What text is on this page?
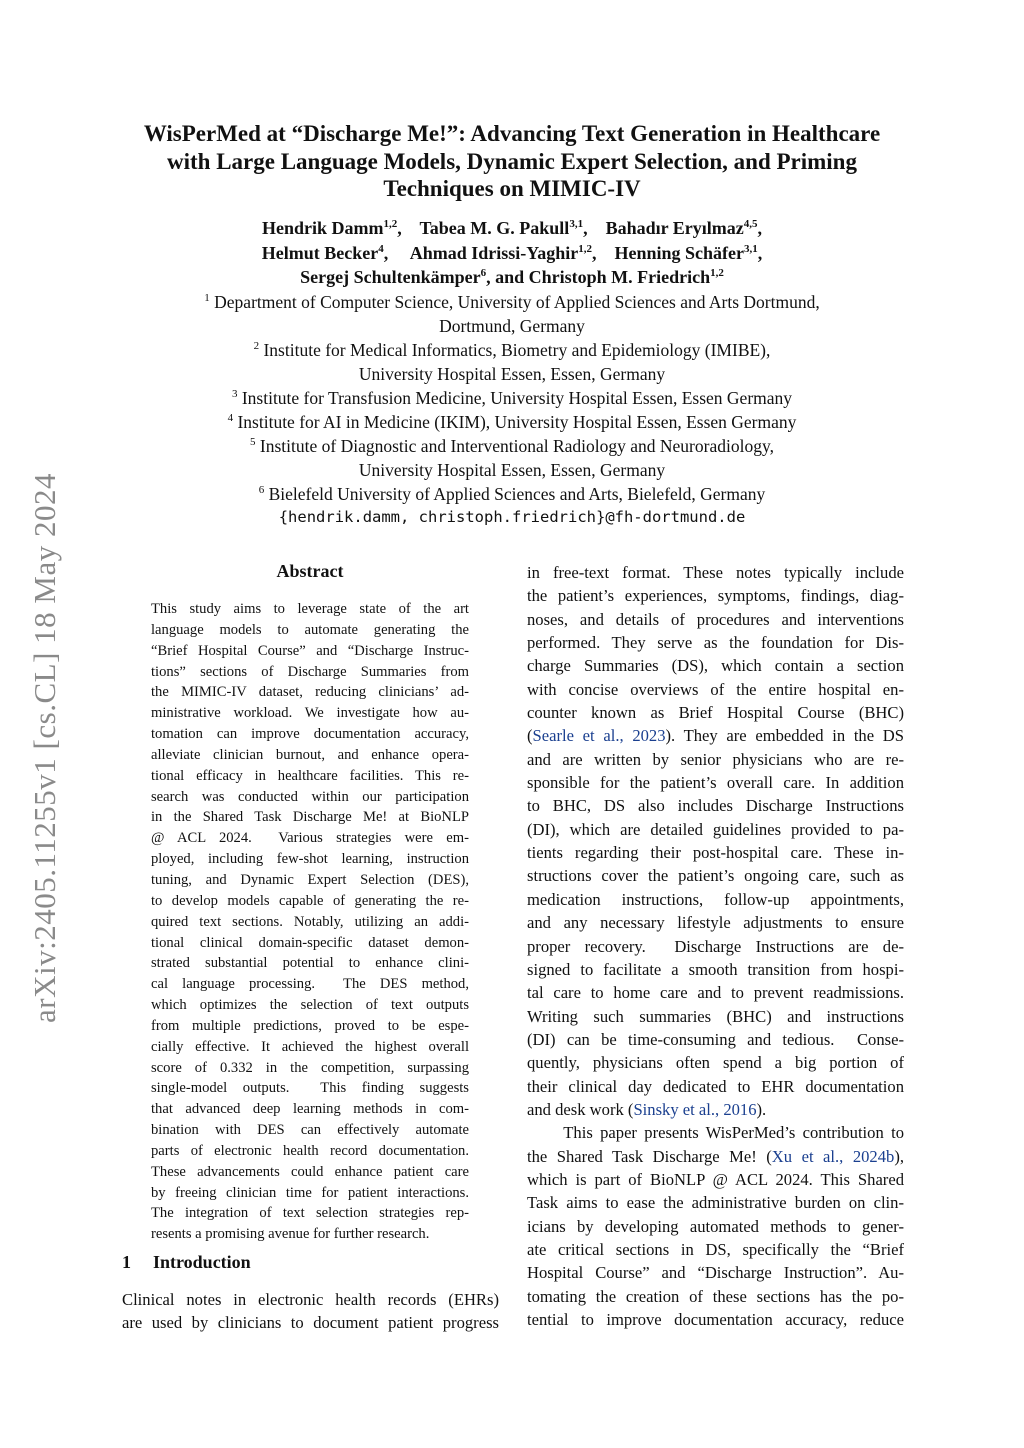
arXiv:2405.11255v1 [cs.CL] 18 May 2024
WisPerMed at “Discharge Me!”: Advancing Text Generation in Healthcare
with Large Language Models, Dynamic Expert Selection, and Priming
Techniques on MIMIC-IV
Hendrik Damm$^{1,2}$,    Tabea M. G. Pakull$^{3,1}$,    Bahadır Eryılmaz$^{4,5}$,
Helmut Becker$^4$,     Ahmad Idrissi-Yaghir$^{1,2}$,    Henning Schäfer$^{3,1}$,
Sergej Schultenkämper$^6$, and Christoph M. Friedrich$^{1,2}$
$^1$ Department of Computer Science, University of Applied Sciences and Arts Dortmund,
Dortmund, Germany
$^2$ Institute for Medical Informatics, Biometry and Epidemiology (IMIBE),
University Hospital Essen, Essen, Germany
$^3$ Institute for Transfusion Medicine, University Hospital Essen, Essen Germany
$^4$ Institute for AI in Medicine (IKIM), University Hospital Essen, Essen Germany
$^5$ Institute of Diagnostic and Interventional Radiology and Neuroradiology,
University Hospital Essen, Essen, Germany
$^6$ Bielefeld University of Applied Sciences and Arts, Bielefeld, Germany
{hendrik.damm, christoph.friedrich}@fh-dortmund.de
Abstract
This study aims to leverage state of the art
language models to automate generating the
“Brief Hospital Course” and “Discharge Instruc-
tions” sections of Discharge Summaries from
the MIMIC-IV dataset, reducing clinicians’ ad-
ministrative workload. We investigate how au-
tomation can improve documentation accuracy,
alleviate clinician burnout, and enhance opera-
tional efficacy in healthcare facilities. This re-
search was conducted within our participation
in the Shared Task Discharge Me! at BioNLP
@ ACL 2024.  Various strategies were em-
ployed, including few-shot learning, instruction
tuning, and Dynamic Expert Selection (DES),
to develop models capable of generating the re-
quired text sections. Notably, utilizing an addi-
tional clinical domain-specific dataset demon-
strated substantial potential to enhance clini-
cal language processing.  The DES method,
which optimizes the selection of text outputs
from multiple predictions, proved to be espe-
cially effective. It achieved the highest overall
score of 0.332 in the competition, surpassing
single-model outputs.  This finding suggests
that advanced deep learning methods in com-
bination with DES can effectively automate
parts of electronic health record documentation.
These advancements could enhance patient care
by freeing clinician time for patient interactions.
The integration of text selection strategies rep-
resents a promising avenue for further research.
1 Introduction
Clinical notes in electronic health records (EHRs)
are used by clinicians to document patient progress
in free-text format. These notes typically include
the patient’s experiences, symptoms, findings, diag-
noses, and details of procedures and interventions
performed. They serve as the foundation for Dis-
charge Summaries (DS), which contain a section
with concise overviews of the entire hospital en-
counter known as Brief Hospital Course (BHC)
(Searle et al., 2023). They are embedded in the DS
and are written by senior physicians who are re-
sponsible for the patient’s overall care. In addition
to BHC, DS also includes Discharge Instructions
(DI), which are detailed guidelines provided to pa-
tients regarding their post-hospital care. These in-
structions cover the patient’s ongoing care, such as
medication instructions, follow-up appointments,
and any necessary lifestyle adjustments to ensure
proper recovery.  Discharge Instructions are de-
signed to facilitate a smooth transition from hospi-
tal care to home care and to prevent readmissions.
Writing such summaries (BHC) and instructions
(DI) can be time-consuming and tedious.  Conse-
quently, physicians often spend a big portion of
their clinical day dedicated to EHR documentation
and desk work (Sinsky et al., 2016).
This paper presents WisPerMed’s contribution to
the Shared Task Discharge Me! (Xu et al., 2024b),
which is part of BioNLP @ ACL 2024. This Shared
Task aims to ease the administrative burden on clin-
icians by developing automated methods to gener-
ate critical sections in DS, specifically the “Brief
Hospital Course” and “Discharge Instruction”. Au-
tomating the creation of these sections has the po-
tential to improve documentation accuracy, reduce
